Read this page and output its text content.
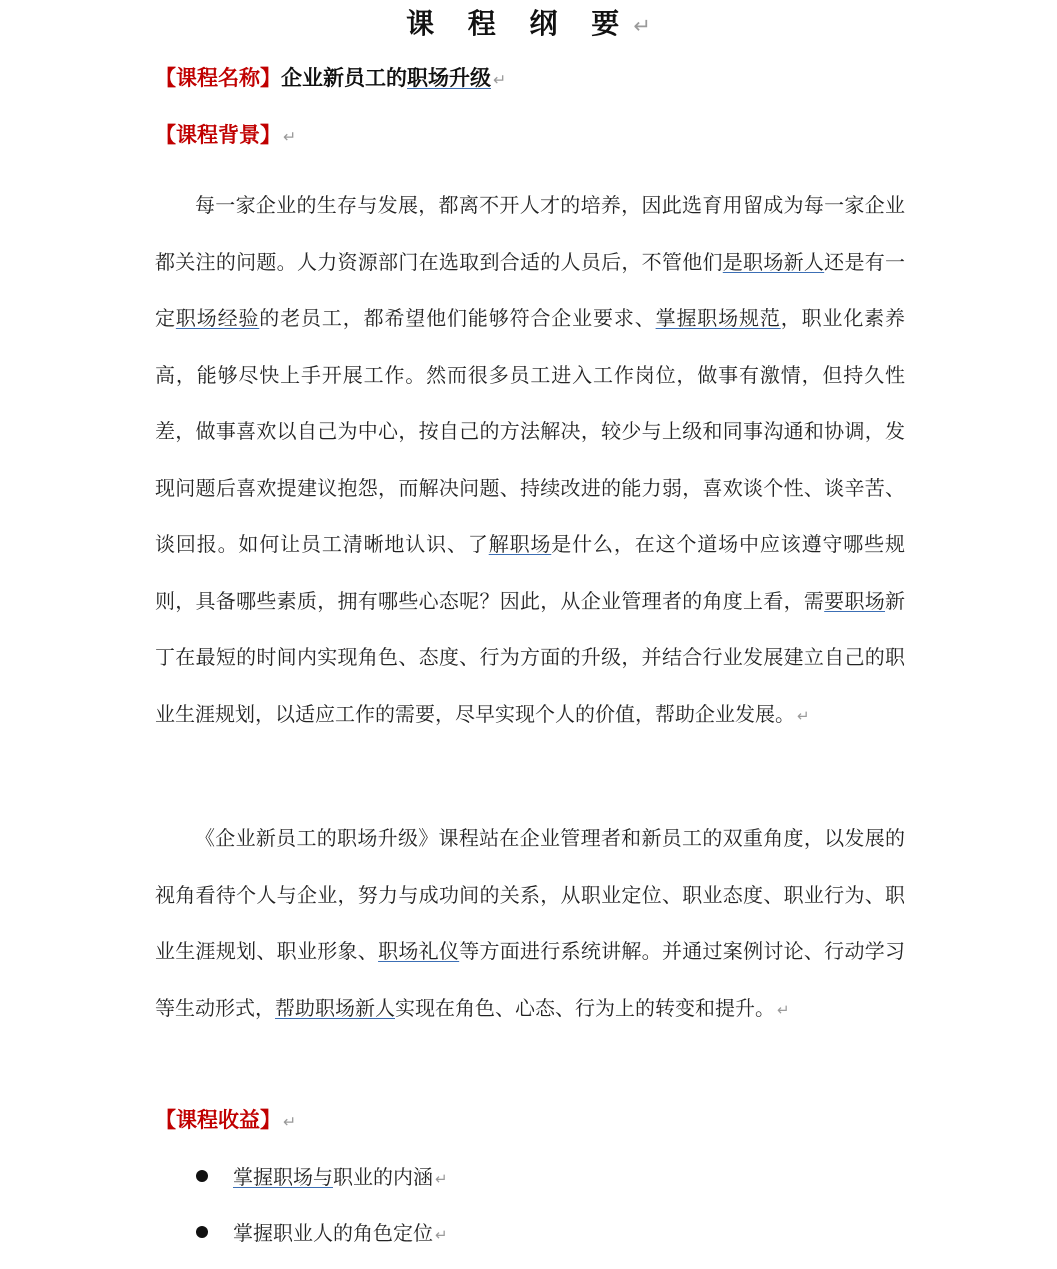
课 程 纲 要↵
【课程名称】企业新员工的职场升级 ↵
【课程背景】 ↵

每一家企业的生存与发展，都离不开人才的培养，因此选育用留成为每一家企业都关注的问题。人力资源部门在选取到合适的人员后，不管他们是职场新人还是有一定职场经验的老员工，都希望他们能够符合企业要求、掌握职场规范，职业化素养高，能够尽快上手开展工作。然而很多员工进入工作岗位，做事有激情，但持久性差，做事喜欢以自己为中心，按自己的方法解决，较少与上级和同事沟通和协调，发现问题后喜欢提建议抱怨，而解决问题、持续改进的能力弱，喜欢谈个性、谈辛苦、谈回报。如何让员工清晰地认识、了解职场是什么，在这个道场中应该遵守哪些规则，具备哪些素质，拥有哪些心态呢？因此，从企业管理者的角度上看，需要职场新丁在最短的时间内实现角色、态度、行为方面的升级，并结合行业发展建立自己的职业生涯规划，以适应工作的需要，尽早实现个人的价值，帮助企业发展。 ↵

《企业新员工的职场升级》课程站在企业管理者和新员工的双重角度，以发展的视角看待个人与企业，努力与成功间的关系，从职业定位、职业态度、职业行为、职业生涯规划、职业形象、职场礼仪等方面进行系统讲解。并通过案例讨论、行动学习等生动形式，帮助职场新人实现在角色、心态、行为上的转变和提升。 ↵

【课程收益】 ↵
掌握职场与职业的内涵 ↵
掌握职业人的角色定位 ↵
